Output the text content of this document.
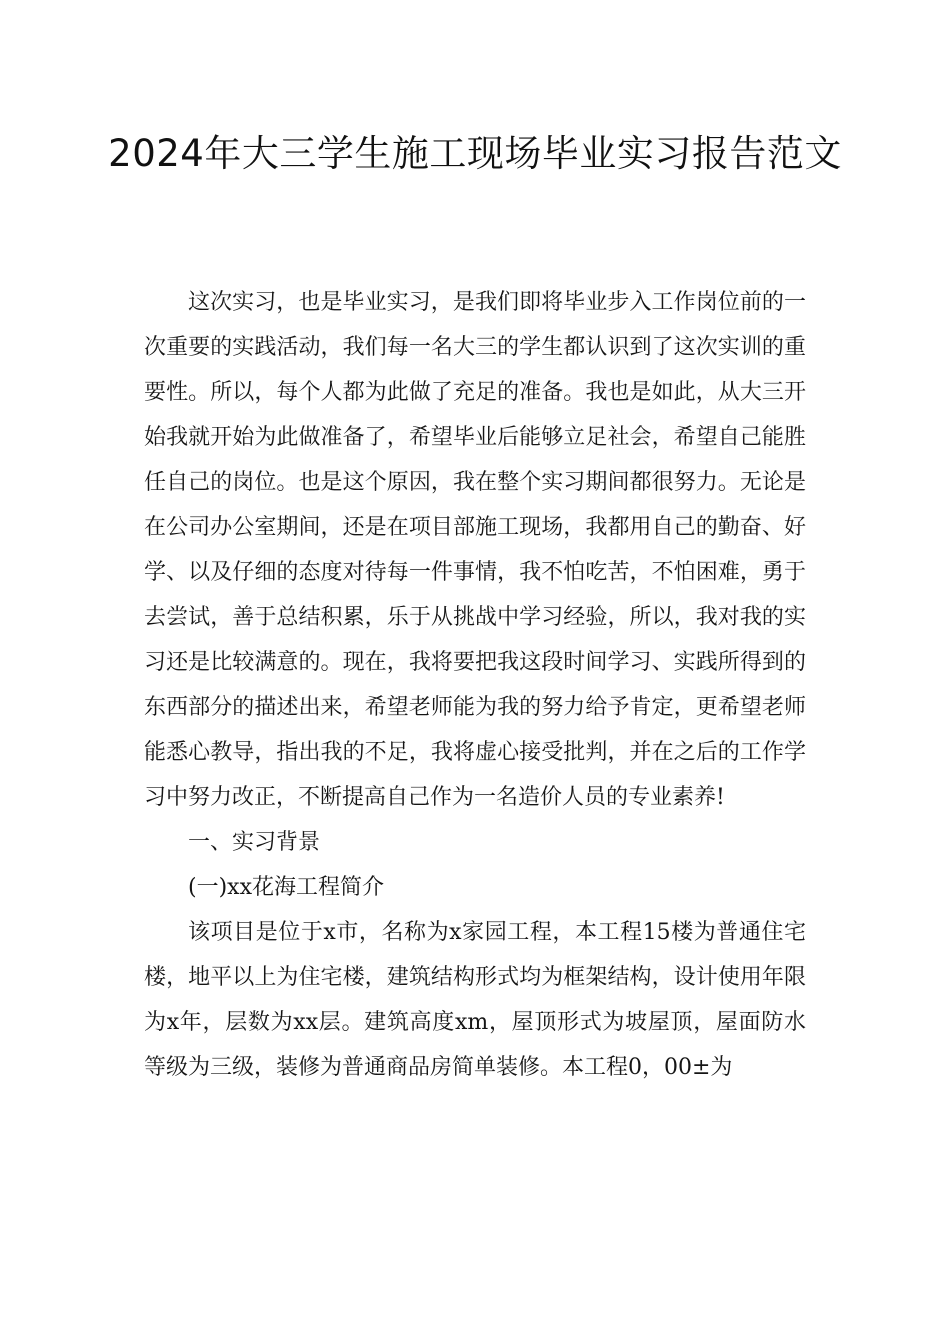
2024年大三学生施工现场毕业实习报告范文

这次实习，也是毕业实习，是我们即将毕业步入工作岗位前的一次重要的实践活动，我们每一名大三的学生都认识到了这次实训的重要性。所以，每个人都为此做了充足的准备。我也是如此，从大三开始我就开始为此做准备了，希望毕业后能够立足社会，希望自己能胜任自己的岗位。也是这个原因，我在整个实习期间都很努力。无论是在公司办公室期间，还是在项目部施工现场，我都用自己的勤奋、好学、以及仔细的态度对待每一件事情，我不怕吃苦，不怕困难，勇于去尝试，善于总结积累，乐于从挑战中学习经验，所以，我对我的实习还是比较满意的。现在，我将要把我这段时间学习、实践所得到的东西部分的描述出来，希望老师能为我的努力给予肯定，更希望老师能悉心教导，指出我的不足，我将虚心接受批判，并在之后的工作学习中努力改正，不断提高自己作为一名造价人员的专业素养!

一、实习背景

(一)xx花海工程简介

该项目是位于x市，名称为x家园工程，本工程15楼为普通住宅楼，地平以上为住宅楼，建筑结构形式均为框架结构，设计使用年限为x年，层数为xx层。建筑高度xm，屋顶形式为坡屋顶，屋面防水等级为三级，装修为普通商品房简单装修。本工程0，00±为
